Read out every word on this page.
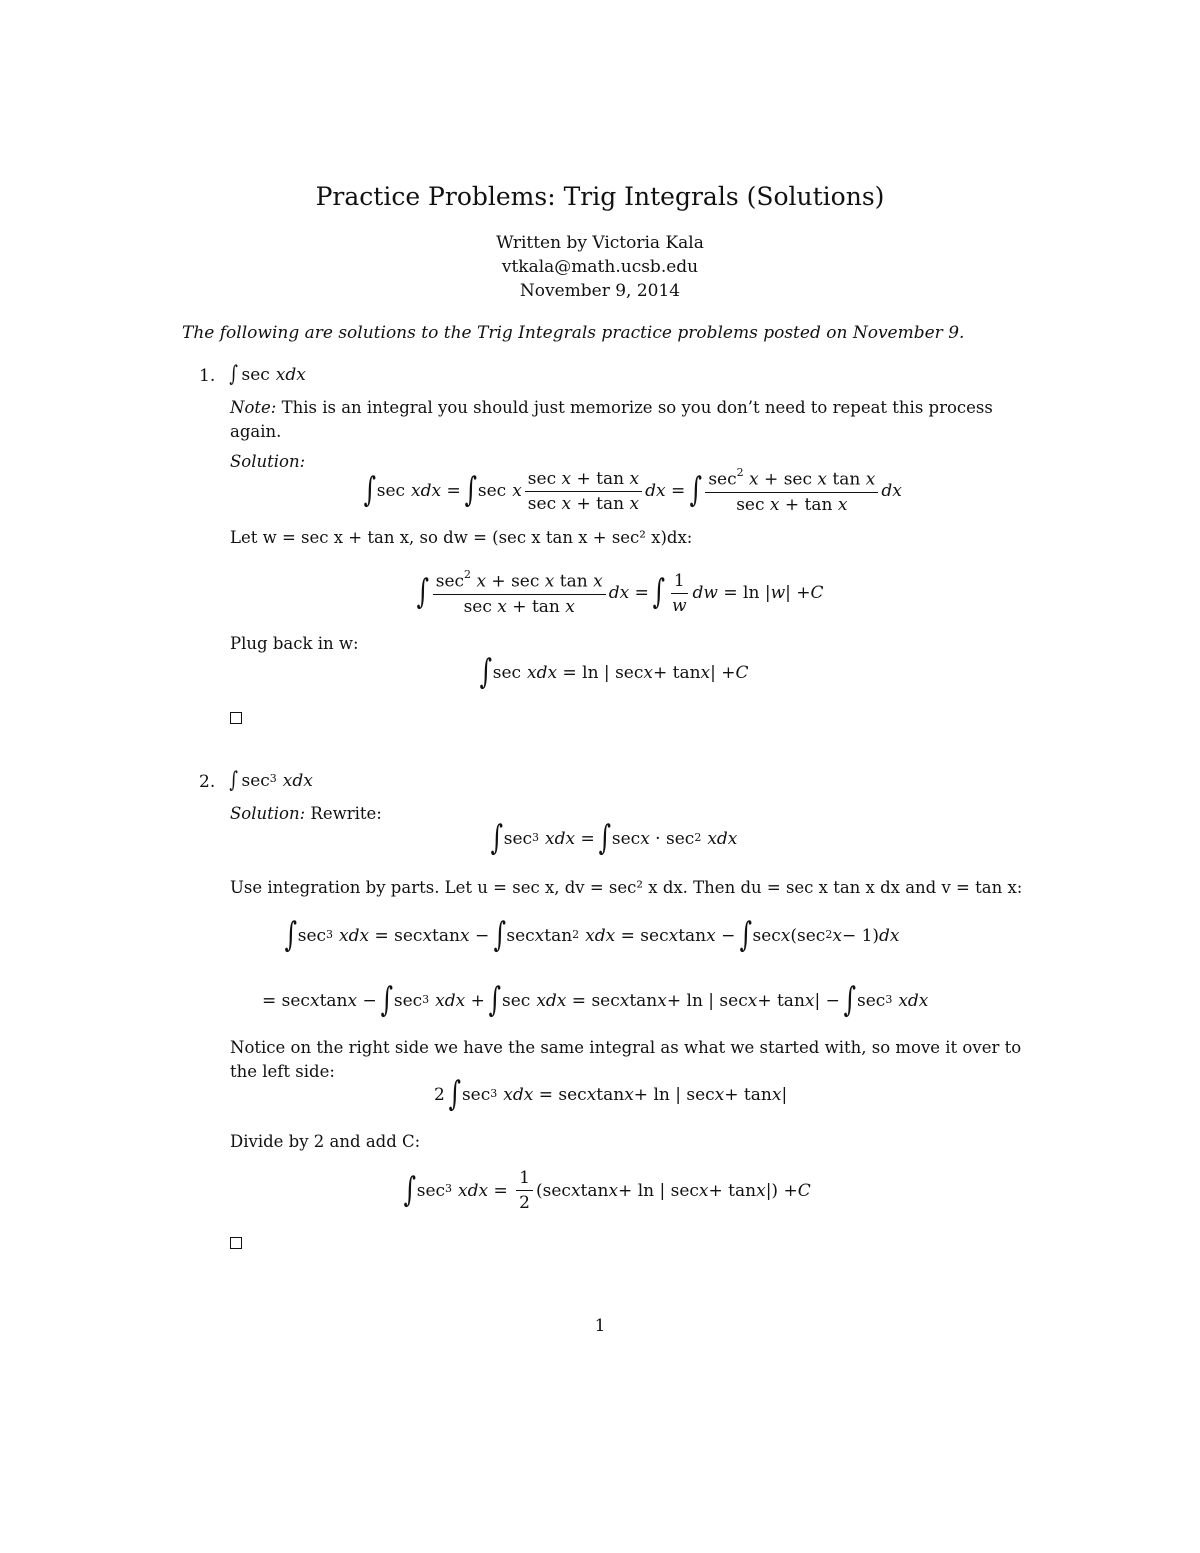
Practice Problems: Trig Integrals (Solutions)
Written by Victoria Kala
vtkala@math.ucsb.edu
November 9, 2014
The following are solutions to the Trig Integrals practice problems posted on November 9.
1. ∫ sec xdx
Note: This is an integral you should just memorize so you don’t need to repeat this process again.
Solution:
∫ sec xdx =
∫ sec x $\frac{\text{sec x + tan x}}{\text{sec x + tan x}}$ dx =
∫ $\frac{\sec^2 x + \sec x \tan x}{\text{sec x + tan x}}$ dx
Let w = sec x + tan x, so dw = (sec x tan x + sec² x)dx:
∫ $\frac{\sec^2 x + \sec x \tan x}{\text{sec x + tan x}}$ dx =
∫ $\frac{1}{w}$ dw = ln | w | + C
Plug back in w:
∫ sec xdx = ln | sec x + tan x | + C
2. ∫ $\sec^3$ xdx
Solution: Rewrite:
∫ $\sec^3$ xdx =
∫ $\sec x \cdot \sec^2$ xdx
Use integration by parts. Let u = sec x, dv = sec² x dx. Then du = sec x tan x dx and v = tan x:
∫ $\sec^3$ xdx = sec x tan x −
∫ sec x $\tan^2$ xdx = sec x tan x −
∫ sec x ($\sec^2$ x − 1) dx
= sec x tan x −
∫ $\sec^3$ xdx +
∫ sec xdx = sec x tan x + ln | sec x + tan x | −
∫ $\sec^3$ xdx
Notice on the right side we have the same integral as what we started with, so move it over to the left side:
2
∫ $\sec^3$ xdx = sec x tan x + ln | sec x + tan x |
Divide by 2 and add C:
∫ $\sec^3$ xdx = $\frac{1}{2} (\sec$ x tan x + ln | sec x + tan x |) + C
1
